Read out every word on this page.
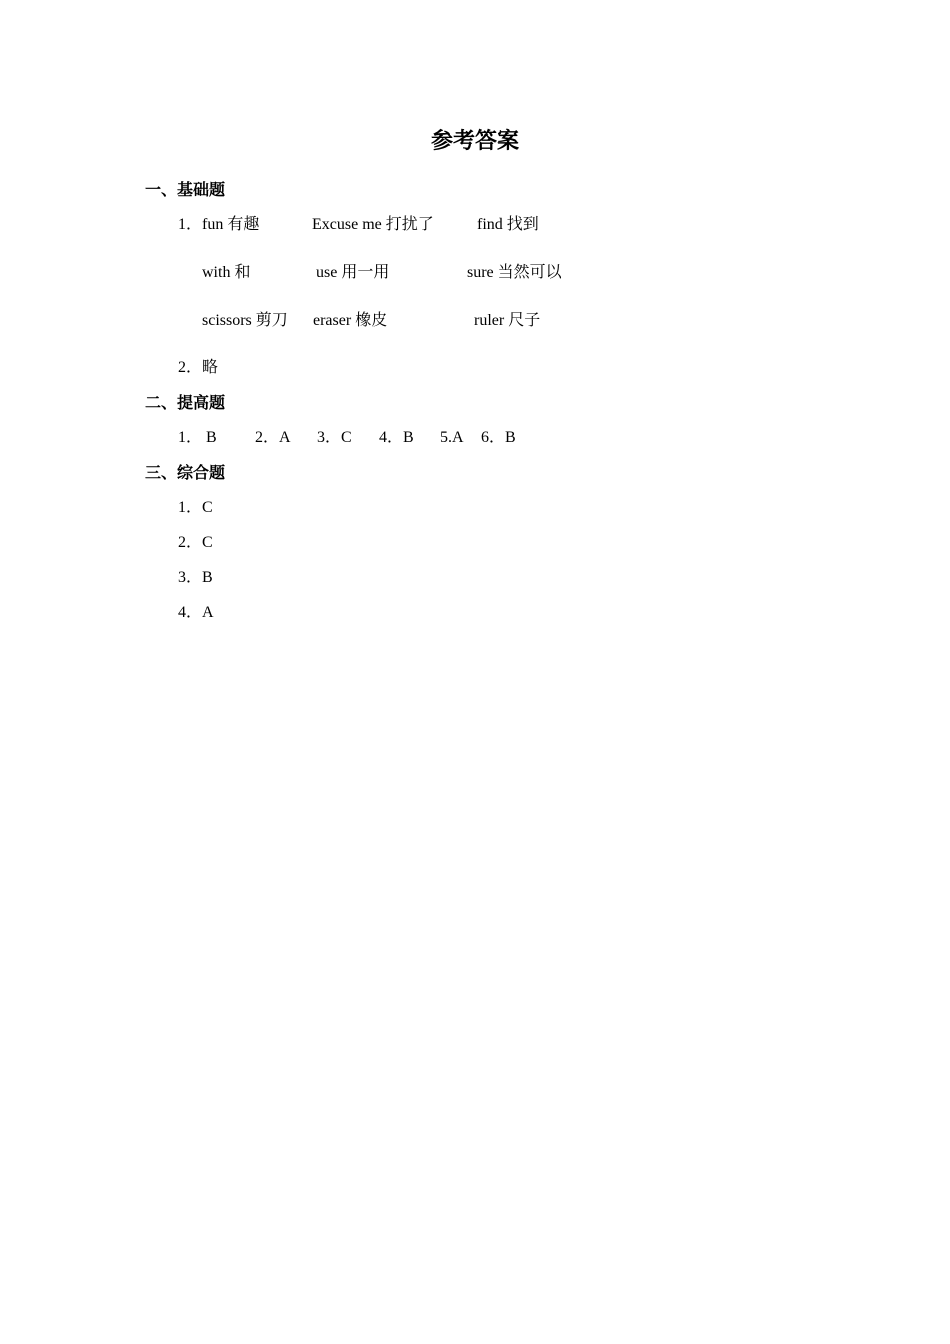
参考答案
一、基础题
1． fun 有趣	Excuse me 打扰了	find 找到
with 和	use 用一用	sure 当然可以
scissors 剪刀 eraser 橡皮	ruler 尺子
2． 略
二、提高题
1． B 2．A 3．C 4．B 5.A 6．B
三、综合题
1．C
2．C
3．B
4．A
